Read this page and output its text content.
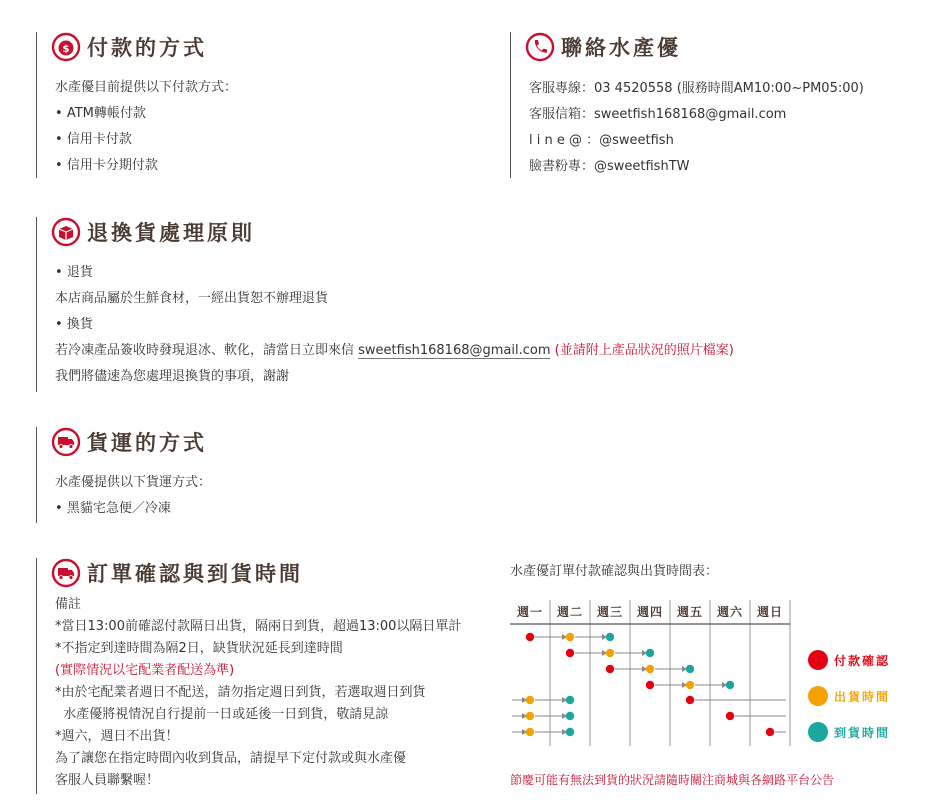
$ 付款的方式
水產優目前提供以下付款方式：
• ATM轉帳付款
• 信用卡付款
• 信用卡分期付款
聯絡水產優
客服專線：03 4520558 (服務時間AM10:00~PM05:00)
客服信箱：sweetfish168168@gmail.com
l i n e @ ：@sweetfish
臉書粉專：@sweetfishTW
退換貨處理原則
• 退貨
本店商品屬於生鮮食材，一經出貨恕不辦理退貨
• 換貨
若冷凍產品簽收時發現退冰、軟化，請當日立即來信 sweetfish168168@gmail.com (並請附上產品狀況的照片檔案)
我們將儘速為您處理退換貨的事項，謝謝
貨運的方式
水產優提供以下貨運方式：
• 黑貓宅急便／冷凍
訂單確認與到貨時間
備註
*當日13:00前確認付款隔日出貨，隔兩日到貨，超過13:00以隔日單計
*不指定到達時間為隔2日，缺貨狀況延長到達時間
(實際情況以宅配業者配送為準)
*由於宅配業者週日不配送，請勿指定週日到貨，若選取週日到貨
水產優將視情況自行提前一日或延後一日到貨，敬請見諒
*週六，週日不出貨！
為了讓您在指定時間內收到貨品，請提早下定付款或與水產優
客服人員聯繫喔！
水產優訂單付款確認與出貨時間表：
週一 週二 週三 週四 週五 週六 週日
付款確認
出貨時間
到貨時間
節慶可能有無法到貨的狀況請隨時關注商城與各網路平台公告
